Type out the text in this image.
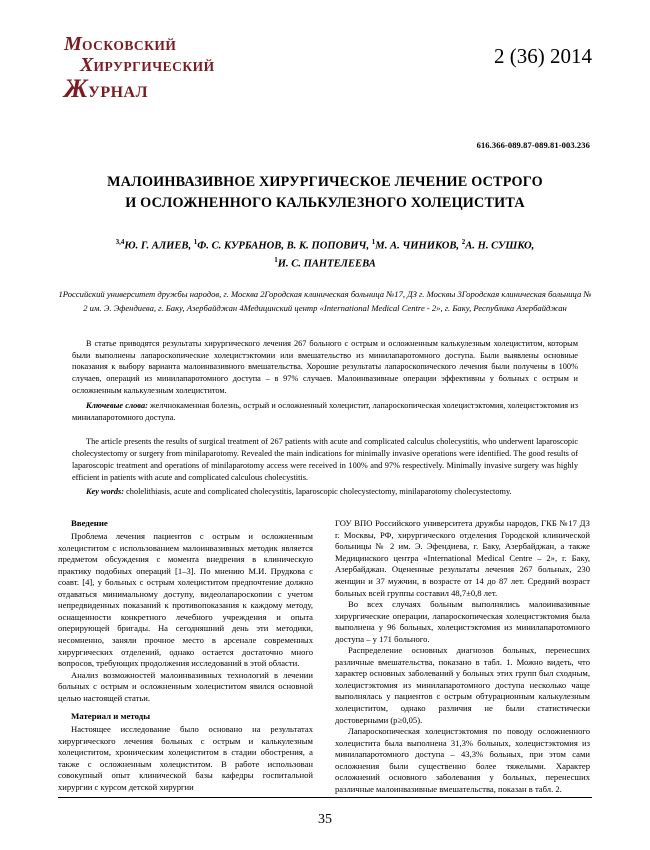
МОСКОВСКИЙ
ХИРУРГИЧЕСКИЙ
ЖУРНАЛ
2 (36) 2014
616.366-089.87-089.81-003.236
МАЛОИНВАЗИВНОЕ ХИРУРГИЧЕСКОЕ ЛЕЧЕНИЕ ОСТРОГО
И ОСЛОЖНЕННОГО КАЛЬКУЛЕЗНОГО ХОЛЕЦИСТИТА
$^{3,4}$Ю. Г. АЛИЕВ, $^1$Ф. С. КУРБАНОВ, В. К. ПОПОВИЧ, $^1$М. А. ЧИНИКОВ, $^2$А. Н. СУШКО,
$^1$И. С. ПАНТЕЛЕЕВА
1Российский университет дружбы народов, г. Москва 2Городская клиническая больница №17, ДЗ г. Москвы 3Городская клиническая больница № 2 им. Э. Эфендиева, г. Баку, Азербайджан 4Медицинский центр «International Medical Centre - 2», г. Баку, Республика Азербайджан

В статье приводятся результаты хирургического лечения 267 больного с острым и осложненным калькулезным холециститом, которым были выполнены лапароскопические холецистэктомии или вмешательство из минилапаротомного доступа. Были выявлены основные показания к выбору варианта малоинвазивного вмешательства. Хорошие результаты лапароскопического лечения были получены в 100% случаев, операций из минилапаротомного доступа – в 97% случаев. Малоинвазивные операции эффективны у больных с острым и осложненным калькулезным холециститом.

Ключевые слова: желчнокаменная болезнь, острый и осложненный холецистит, лапароскопическая холецистэктомия, холецистэктомия из минилапаротомного доступа.

The article presents the results of surgical treatment of 267 patients with acute and complicated calculus cholecystitis, who underwent laparoscopic cholecystectomy or surgery from minilaparotomy. Revealed the main indications for minimally invasive operations were identified. The good results of laparoscopic treatment and operations of minilaparotomy access were received in 100% and 97% respectively. Minimally invasive surgery was highly efficient in patients with acute and complicated calculous cholecystitis.

Key words: cholelithiasis, acute and complicated cholecystitis, laparoscopic cholecystectomy, minilaparotomy cholecystectomy.

Введение

Проблема лечения пациентов с острым и осложненным холециститом с использованием малоинвазивных методик является предметом обсуждения с момента внедрения в клиническую практику подобных операций [1–3]. По мнению М.И. Прудкова с соавт. [4], у больных с острым холециститом предпочтение должно отдаваться минимальному доступу, видеолапароскопии с учетом непредвиденных показаний к противопоказания к каждому методу, оснащенности конкретного лечебного учреждения и опыта оперирующей бригады. На сегодняшний день эти методики, несомненно, заняли прочное место в арсенале современных хирургических отделений, однако остается достаточно много вопросов, требующих продолжения исследований в этой области.

Анализ возможностей малоинвазивных технологий в лечении больных с острым и осложненным холециститом явился основной целью настоящей статьи.

Материал и методы

Настоящее исследование было основано на результатах хирургического лечения больных с острым и калькулезным холециститом, хроническим холециститом в стадии обострения, а также с осложненным холециститом. В работе использован совокупный опыт клинической базы кафедры госпитальной хирургии с курсом детской хирургии

ГОУ ВПО Российского университета дружбы народов, ГКБ №17 ДЗ г. Москвы, РФ, хирургического отделения Городской клинической больницы № 2 им. Э. Эфендиева, г. Баку, Азербайджан, а также Медицинского центра «International Medical Centre – 2», г. Баку, Азербайджан. Оцененные результаты лечения 267 больных, 230 женщин и 37 мужчин, в возрасте от 14 до 87 лет. Средний возраст больных всей группы составил 48,7±0,8 лет.

Во всех случаях больным выполнялись малоинвазивные хирургические операции, лапароскопическая холецистэктомия была выполнена у 96 больных, холецистэктомия из минилапаротомного доступа – у 171 больного.

Распределение основных диагнозов больных, перенесших различные вмешательства, показано в табл. 1. Можно видеть, что характер основных заболеваний у больных этих групп был сходным, холецистэктомия из минилапаротомного доступа несколько чаще выполнялась у пациентов с острым обтурационным калькулезным холециститом, однако различия не были статистически достоверными (p≥0,05).

Лапароскопическая холецистэктомия по поводу осложненного холецистита была выполнена 31,3% больных, холецистэктомия из минилапаротомного доступа – 43,3% больных, при этом сами осложнения были существенно более тяжелыми. Характер осложнений основного заболевания у больных, перенесших различные малоинвазивные вмешательства, показан в табл. 2.

35
